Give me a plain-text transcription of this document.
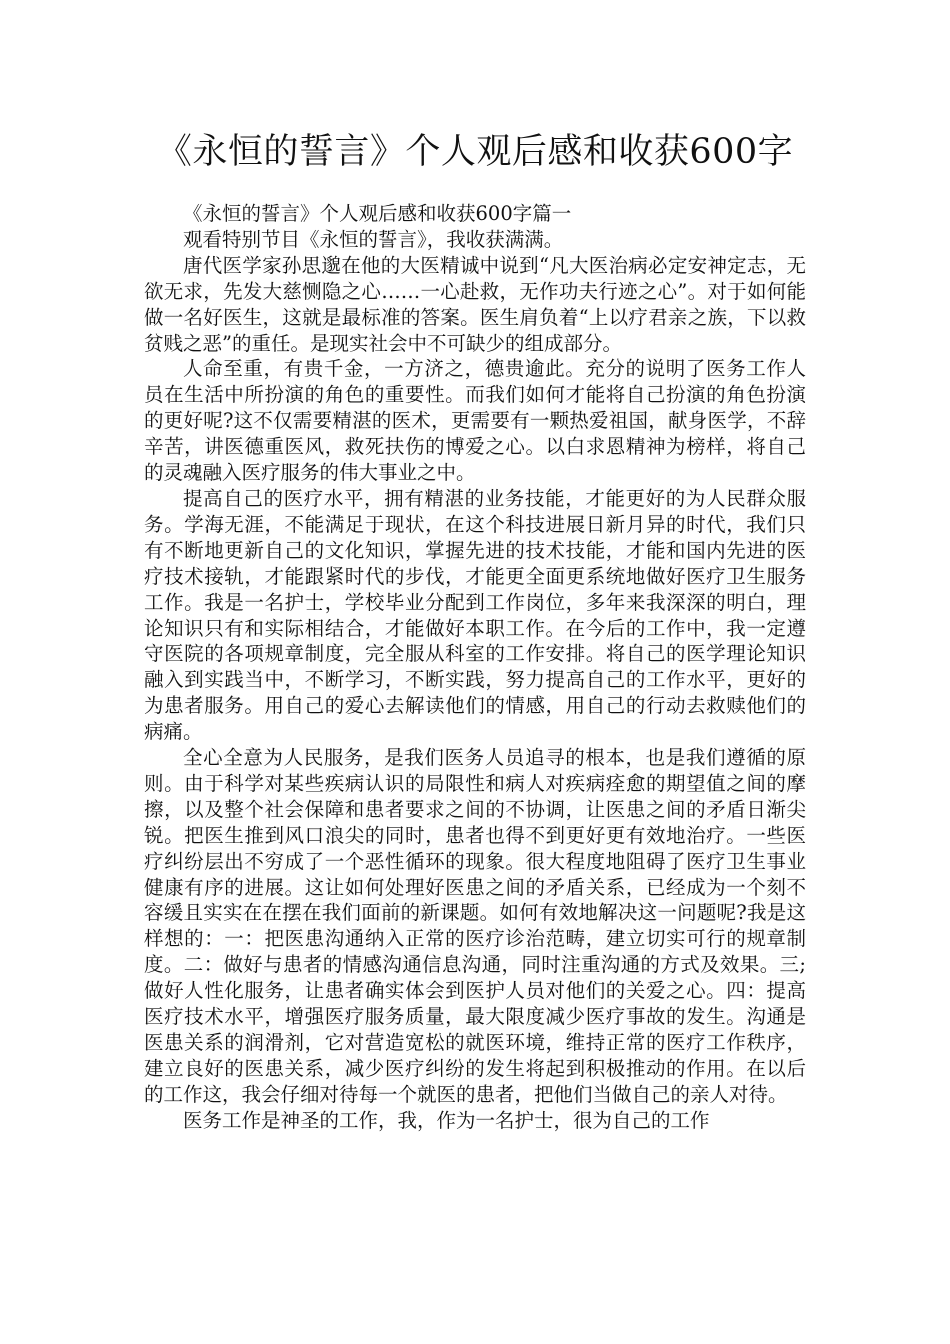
《永恒的誓言》个人观后感和收获600字

《永恒的誓言》个人观后感和收获600字篇一

观看特别节目《永恒的誓言》，我收获满满。

唐代医学家孙思邈在他的大医精诚中说到“凡大医治病必定安神定志，无欲无求，先发大慈恻隐之心……一心赴救，无作功夫行迹之心”。对于如何能做一名好医生，这就是最标准的答案。医生肩负着“上以疗君亲之族，下以救贫贱之恶”的重任。是现实社会中不可缺少的组成部分。

人命至重，有贵千金，一方济之，德贵逾此。充分的说明了医务工作人员在生活中所扮演的角色的重要性。而我们如何才能将自己扮演的角色扮演的更好呢?这不仅需要精湛的医术，更需要有一颗热爱祖国，献身医学，不辞辛苦，讲医德重医风，救死扶伤的博爱之心。以白求恩精神为榜样，将自己的灵魂融入医疗服务的伟大事业之中。

提高自己的医疗水平，拥有精湛的业务技能，才能更好的为人民群众服务。学海无涯，不能满足于现状，在这个科技进展日新月异的时代，我们只有不断地更新自己的文化知识，掌握先进的技术技能，才能和国内先进的医疗技术接轨，才能跟紧时代的步伐，才能更全面更系统地做好医疗卫生服务工作。我是一名护士，学校毕业分配到工作岗位，多年来我深深的明白，理论知识只有和实际相结合，才能做好本职工作。在今后的工作中，我一定遵守医院的各项规章制度，完全服从科室的工作安排。将自己的医学理论知识融入到实践当中，不断学习，不断实践，努力提高自己的工作水平，更好的为患者服务。用自己的爱心去解读他们的情感，用自己的行动去救赎他们的病痛。

全心全意为人民服务，是我们医务人员追寻的根本，也是我们遵循的原则。由于科学对某些疾病认识的局限性和病人对疾病痊愈的期望值之间的摩擦，以及整个社会保障和患者要求之间的不协调，让医患之间的矛盾日渐尖锐。把医生推到风口浪尖的同时，患者也得不到更好更有效地治疗。一些医疗纠纷层出不穷成了一个恶性循环的现象。很大程度地阻碍了医疗卫生事业健康有序的进展。这让如何处理好医患之间的矛盾关系，已经成为一个刻不容缓且实实在在摆在我们面前的新课题。如何有效地解决这一问题呢?我是这样想的：一：把医患沟通纳入正常的医疗诊治范畴，建立切实可行的规章制度。二：做好与患者的情感沟通信息沟通，同时注重沟通的方式及效果。三;做好人性化服务，让患者确实体会到医护人员对他们的关爱之心。四：提高医疗技术水平，增强医疗服务质量，最大限度减少医疗事故的发生。沟通是医患关系的润滑剂，它对营造宽松的就医环境，维持正常的医疗工作秩序，建立良好的医患关系，减少医疗纠纷的发生将起到积极推动的作用。在以后的工作这，我会仔细对待每一个就医的患者，把他们当做自己的亲人对待。

医务工作是神圣的工作，我，作为一名护士，很为自己的工作
